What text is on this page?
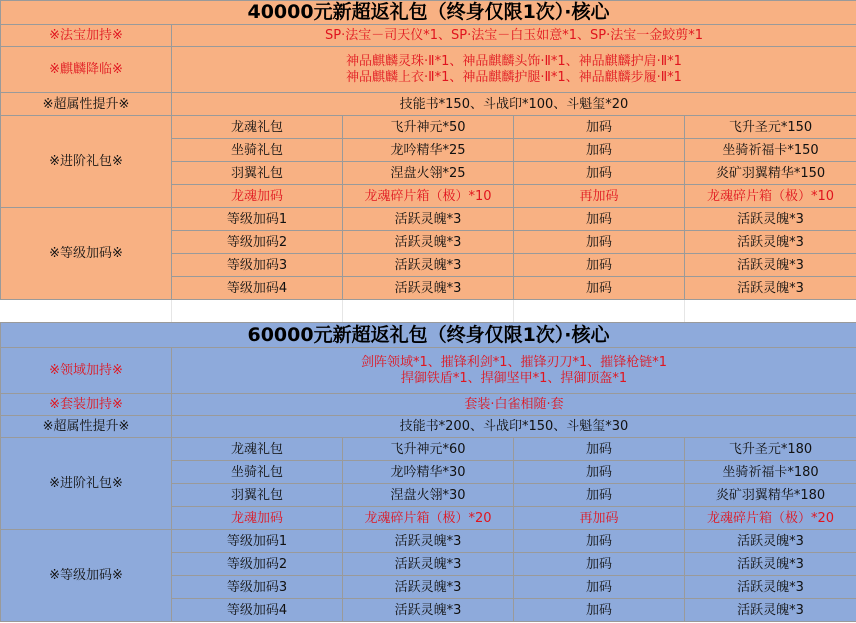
40000元新超返礼包（终身仅限1次）·核心				
※法宝加持※	SP·法宝－司天仪*1、SP·法宝－白玉如意*1、SP·法宝一金蛟剪*1			
※麒麟降临※	神品麒麟灵珠·Ⅱ*1、神品麒麟头饰·Ⅱ*1、神品麒麟护肩·Ⅱ*1
神品麒麟上衣·Ⅱ*1、神品麒麟护腿·Ⅱ*1、神品麒麟步履·Ⅱ*1			

※超属性提升※	技能书*150、斗战印*100、斗魁玺*20			
※进阶礼包※	龙魂礼包	飞升神元*50	加码	飞升圣元*150
	坐骑礼包	龙吟精华*25	加码	坐骑祈福卡*150
	羽翼礼包	涅盘火翎*25	加码	炎矿羽翼精华*150
	龙魂加码	龙魂碎片箱（极）*10	再加码	龙魂碎片箱（极）*10
※等级加码※	等级加码1	活跃灵魄*3	加码	活跃灵魄*3
	等级加码2	活跃灵魄*3	加码	活跃灵魄*3
	等级加码3	活跃灵魄*3	加码	活跃灵魄*3
	等级加码4	活跃灵魄*3	加码	活跃灵魄*3
60000元新超返礼包（终身仅限1次）·核心				
※领域加持※	剑阵领域*1、摧锋利剑*1、摧锋刃刀*1、摧锋枪链*1
捍御铁盾*1、捍御坚甲*1、捍御顶盔*1			

※套装加持※	套装·白雀相随·套			
※超属性提升※	技能书*200、斗战印*150、斗魁玺*30			
※进阶礼包※	龙魂礼包	飞升神元*60	加码	飞升圣元*180
	坐骑礼包	龙吟精华*30	加码	坐骑祈福卡*180
	羽翼礼包	涅盘火翎*30	加码	炎矿羽翼精华*180
	龙魂加码	龙魂碎片箱（极）*20	再加码	龙魂碎片箱（极）*20
※等级加码※	等级加码1	活跃灵魄*3	加码	活跃灵魄*3
	等级加码2	活跃灵魄*3	加码	活跃灵魄*3
	等级加码3	活跃灵魄*3	加码	活跃灵魄*3
	等级加码4	活跃灵魄*3	加码	活跃灵魄*3
